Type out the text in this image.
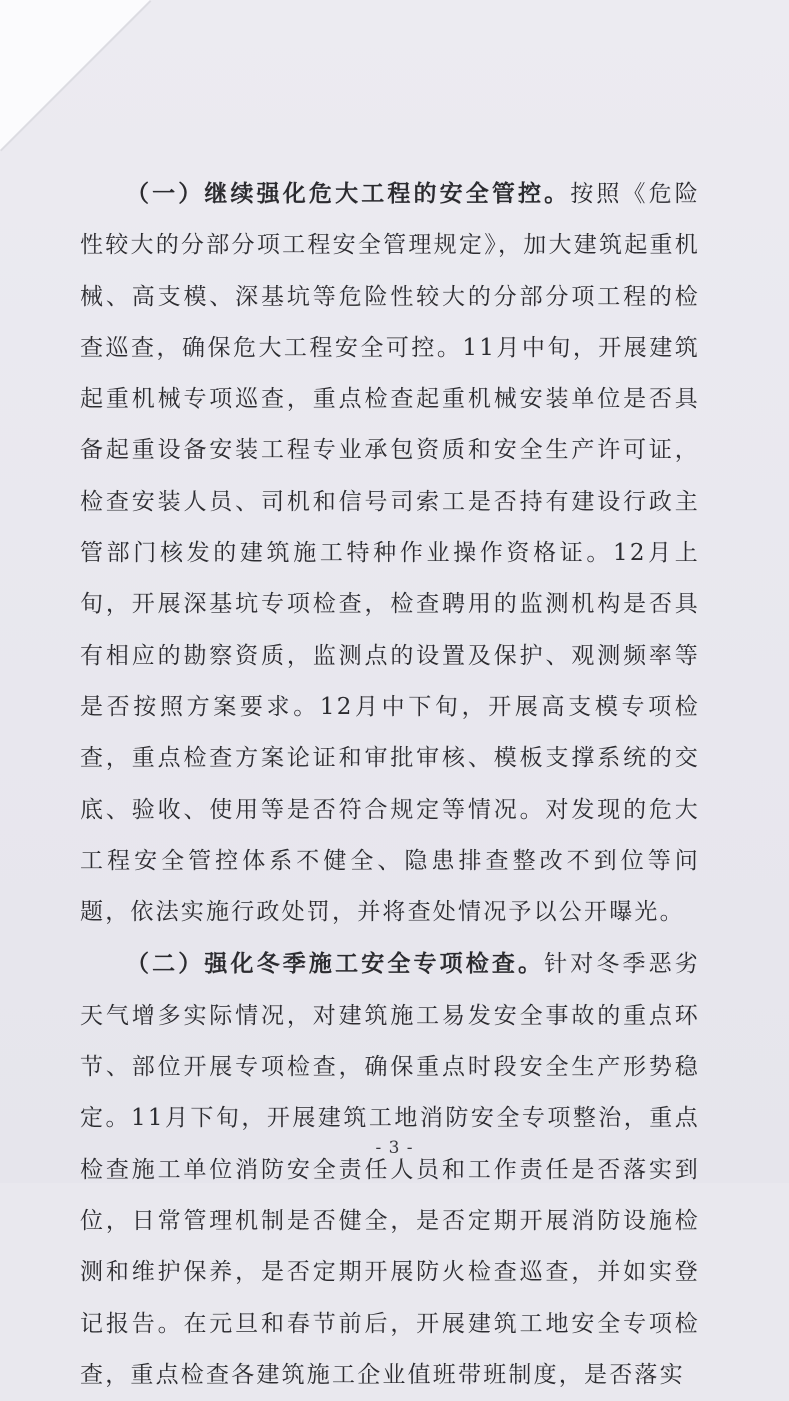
（一）继续强化危大工程的安全管控。按照《危险性较大的分部分项工程安全管理规定》，加大建筑起重机械、高支模、深基坑等危险性较大的分部分项工程的检查巡查，确保危大工程安全可控。11月中旬，开展建筑起重机械专项巡查，重点检查起重机械安装单位是否具备起重设备安装工程专业承包资质和安全生产许可证，检查安装人员、司机和信号司索工是否持有建设行政主管部门核发的建筑施工特种作业操作资格证。12月上旬，开展深基坑专项检查，检查聘用的监测机构是否具有相应的勘察资质，监测点的设置及保护、观测频率等是否按照方案要求。12月中下旬，开展高支模专项检查，重点检查方案论证和审批审核、模板支撑系统的交底、验收、使用等是否符合规定等情况。对发现的危大工程安全管控体系不健全、隐患排查整改不到位等问题，依法实施行政处罚，并将查处情况予以公开曝光。

（二）强化冬季施工安全专项检查。针对冬季恶劣天气增多实际情况，对建筑施工易发安全事故的重点环节、部位开展专项检查，确保重点时段安全生产形势稳定。11月下旬，开展建筑工地消防安全专项整治，重点检查施工单位消防安全责任人员和工作责任是否落实到位，日常管理机制是否健全，是否定期开展消防设施检测和维护保养，是否定期开展防火检查巡查，并如实登记报告。在元旦和春节前后，开展建筑工地安全专项检查，重点检查各建筑施工企业值班带班制度，是否落实

- 3 -
